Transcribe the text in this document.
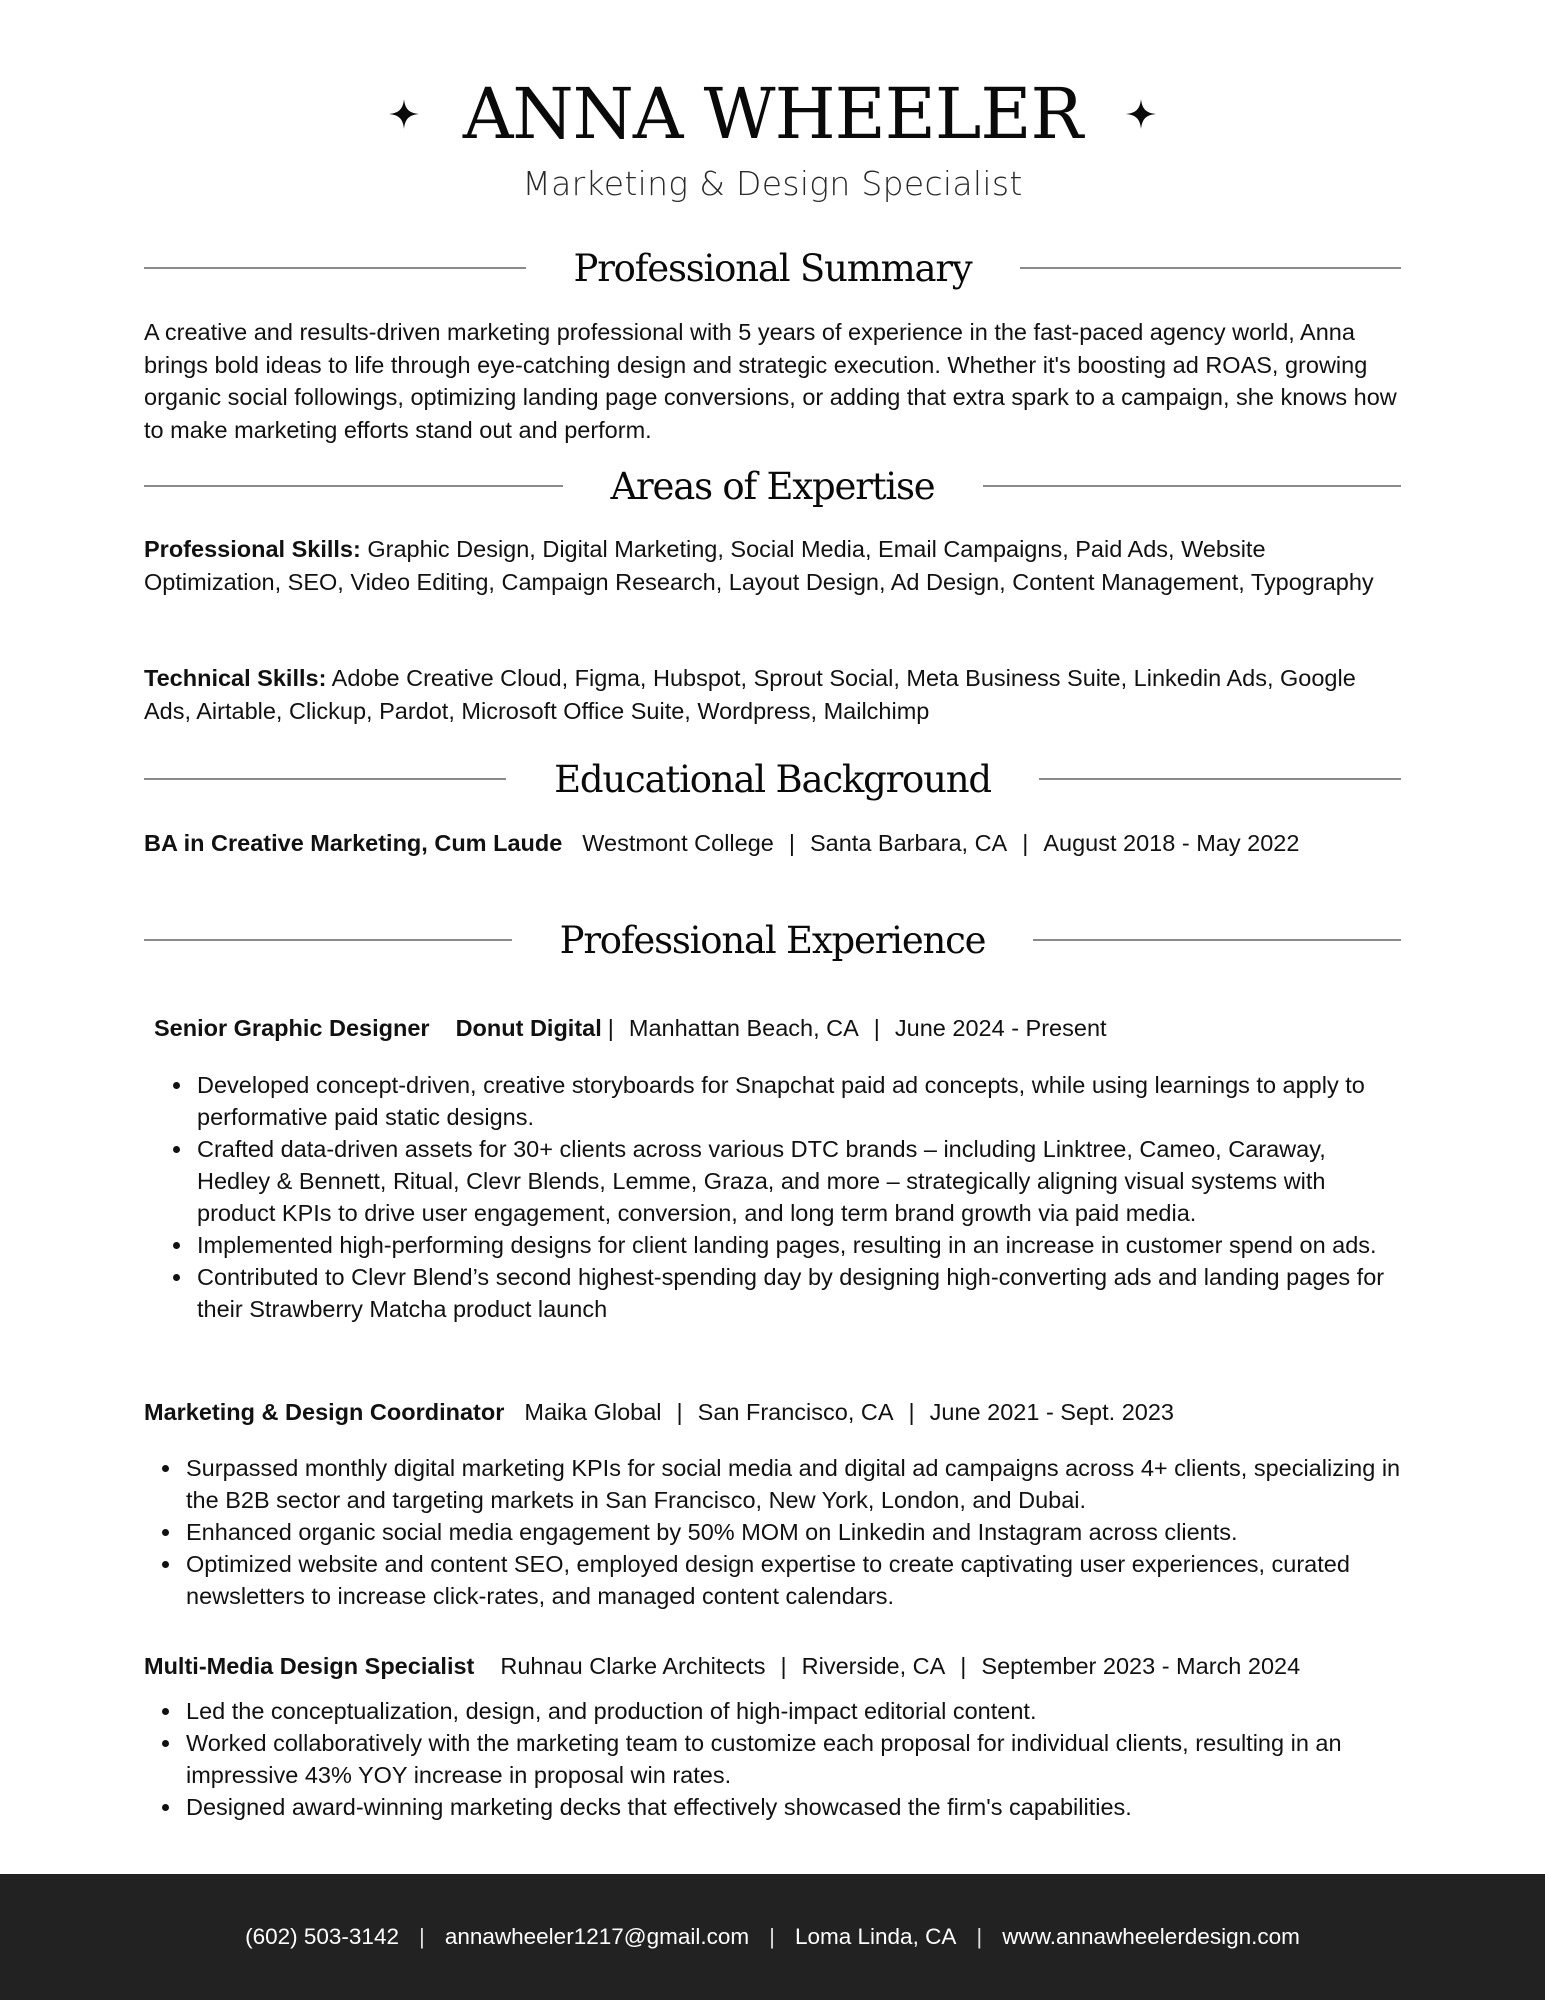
ANNA WHEELER
Marketing & Design Specialist
Professional Summary
A creative and results-driven marketing professional with 5 years of experience in the fast-paced agency world, Anna brings bold ideas to life through eye-catching design and strategic execution. Whether it's boosting ad ROAS, growing organic social followings, optimizing landing page conversions, or adding that extra spark to a campaign, she knows how to make marketing efforts stand out and perform.
Areas of Expertise
Professional Skills: Graphic Design, Digital Marketing, Social Media, Email Campaigns, Paid Ads, Website Optimization, SEO, Video Editing, Campaign Research, Layout Design, Ad Design, Content Management, Typography
Technical Skills: Adobe Creative Cloud, Figma, Hubspot, Sprout Social, Meta Business Suite, Linkedin Ads, Google Ads, Airtable, Clickup, Pardot, Microsoft Office Suite, Wordpress, Mailchimp
Educational Background
BA in Creative Marketing, Cum Laude Westmont College | Santa Barbara, CA | August 2018 - May 2022
Professional Experience
Senior Graphic Designer Donut Digital | Manhattan Beach, CA | June 2024 - Present
Developed concept-driven, creative storyboards for Snapchat paid ad concepts, while using learnings to apply to performative paid static designs.
Crafted data-driven assets for 30+ clients across various DTC brands – including Linktree, Cameo, Caraway, Hedley & Bennett, Ritual, Clevr Blends, Lemme, Graza, and more – strategically aligning visual systems with product KPIs to drive user engagement, conversion, and long term brand growth via paid media.
Implemented high-performing designs for client landing pages, resulting in an increase in customer spend on ads.
Contributed to Clevr Blend’s second highest-spending day by designing high-converting ads and landing pages for their Strawberry Matcha product launch
Marketing & Design Coordinator Maika Global | San Francisco, CA | June 2021 - Sept. 2023
Surpassed monthly digital marketing KPIs for social media and digital ad campaigns across 4+ clients, specializing in the B2B sector and targeting markets in San Francisco, New York, London, and Dubai.
Enhanced organic social media engagement by 50% MOM on Linkedin and Instagram across clients.
Optimized website and content SEO, employed design expertise to create captivating user experiences, curated newsletters to increase click-rates, and managed content calendars.
Multi-Media Design Specialist Ruhnau Clarke Architects | Riverside, CA | September 2023 - March 2024
Led the conceptualization, design, and production of high-impact editorial content.
Worked collaboratively with the marketing team to customize each proposal for individual clients, resulting in an impressive 43% YOY increase in proposal win rates.
Designed award-winning marketing decks that effectively showcased the firm's capabilities.
(602) 503-3142 | annawheeler1217@gmail.com | Loma Linda, CA | www.annawheelerdesign.com
